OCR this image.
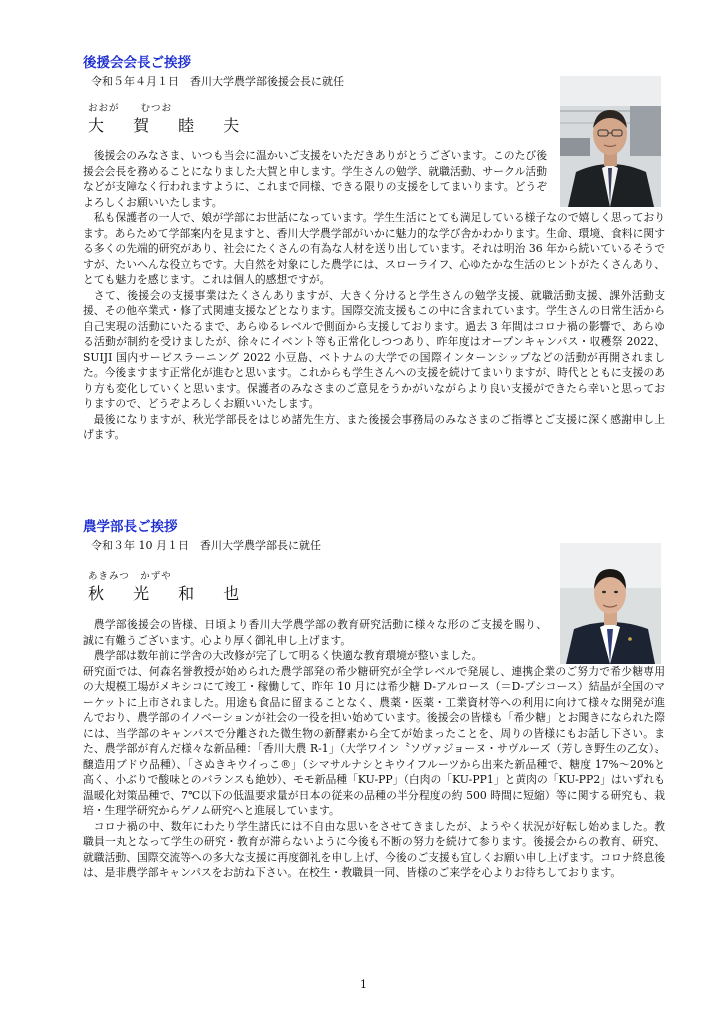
後援会会長ご挨拶
令和５年４月１日　香川大学農学部後援会長に就任
おおが　　むつお
大 賀 睦 夫

後援会のみなさま、いつも当会に温かいご支援をいただきありがとうございます。このたび後援会会長を務めることになりました大賀と申します。学生さんの勉学、就職活動、サークル活動などが支障なく行われますように、これまで同様、できる限りの支援をしてまいります。どうぞよろしくお願いいたします。

私も保護者の一人で、娘が学部にお世話になっています。学生生活にとても満足している様子なので嬉しく思っております。あらためて学部案内を見ますと、香川大学農学部がいかに魅力的な学び舎かわかります。生命、環境、食料に関する多くの先端的研究があり、社会にたくさんの有為な人材を送り出しています。それは明治 36 年から続いているそうですが、たいへんな役立ちです。大自然を対象にした農学には、スローライフ、心ゆたかな生活のヒントがたくさんあり、とても魅力を感じます。これは個人的感想ですが。

さて、後援会の支援事業はたくさんありますが、大きく分けると学生さんの勉学支援、就職活動支援、課外活動支援、その他卒業式・修了式関連支援などとなります。国際交流支援もこの中に含まれています。学生さんの日常生活から自己実現の活動にいたるまで、あらゆるレベルで側面から支援しております。過去 3 年間はコロナ禍の影響で、あらゆる活動が制約を受けましたが、徐々にイベント等も正常化しつつあり、昨年度はオープンキャンパス・収穫祭 2022、SUIJI 国内サービスラーニング 2022 小豆島、ベトナムの大学での国際インターンシップなどの活動が再開されました。今後ますます正常化が進むと思います。これからも学生さんへの支援を続けてまいりますが、時代とともに支援のあり方も変化していくと思います。保護者のみなさまのご意見をうかがいながらより良い支援ができたら幸いと思っておりますので、どうぞよろしくお願いいたします。

最後になりますが、秋光学部長をはじめ諸先生方、また後援会事務局のみなさまのご指導とご支援に深く感謝申し上げます。

農学部長ご挨拶
令和３年 10 月１日　香川大学農学部長に就任
あきみつ　かずや
秋 光 和 也

農学部後援会の皆様、日頃より香川大学農学部の教育研究活動に様々な形のご支援を賜り、誠に有難うございます。心より厚く御礼申し上げます。

農学部は数年前に学舎の大改修が完了して明るく快適な教育環境が整いました。

研究面では、何森名誉教授が始められた農学部発の希少糖研究が全学レベルで発展し、連携企業のご努力で希少糖専用の大規模工場がメキシコにて竣工・稼働して、昨年 10 月には希少糖 D-アルロース（＝D-プシコース）結晶が全国のマーケットに上市されました。用途も食品に留まることなく、農薬・医薬・工業資材等への利用に向けて様々な開発が進んでおり、農学部のイノベーションが社会の一役を担い始めています。後援会の皆様も「希少糖」とお聞きになられた際には、当学部のキャンパスで分離された微生物の新酵素から全てが始まったことを、周りの皆様にもお話し下さい。また、農学部が育んだ様々な新品種：「香川大農 R-1」（大学ワイン〝ソヴァジョーヌ・サヴルーズ（芳しき野生の乙女）〟醸造用ブドウ品種）、「さぬきキウイっこ®」（シマサルナシとキウイフルーツから出来た新品種で、糖度 17%〜20%と高く、小ぶりで酸味とのバランスも絶妙）、モモ新品種「KU-PP」（白肉の「KU-PP1」と黄肉の「KU-PP2」はいずれも温暖化対策品種で、7℃以下の低温要求量が日本の従来の品種の半分程度の約 500 時間に短縮）等に関する研究も、栽培・生理学研究からゲノム研究へと進展しています。

コロナ禍の中、数年にわたり学生諸氏には不自由な思いをさせてきましたが、ようやく状況が好転し始めました。教職員一丸となって学生の研究・教育が滞らないように今後も不断の努力を続けて参ります。後援会からの教育、研究、就職活動、国際交流等への多大な支援に再度御礼を申し上げ、今後のご支援も宜しくお願い申し上げます。コロナ終息後は、是非農学部キャンパスをお訪ね下さい。在校生・教職員一同、皆様のご来学を心よりお待ちしております。

1
